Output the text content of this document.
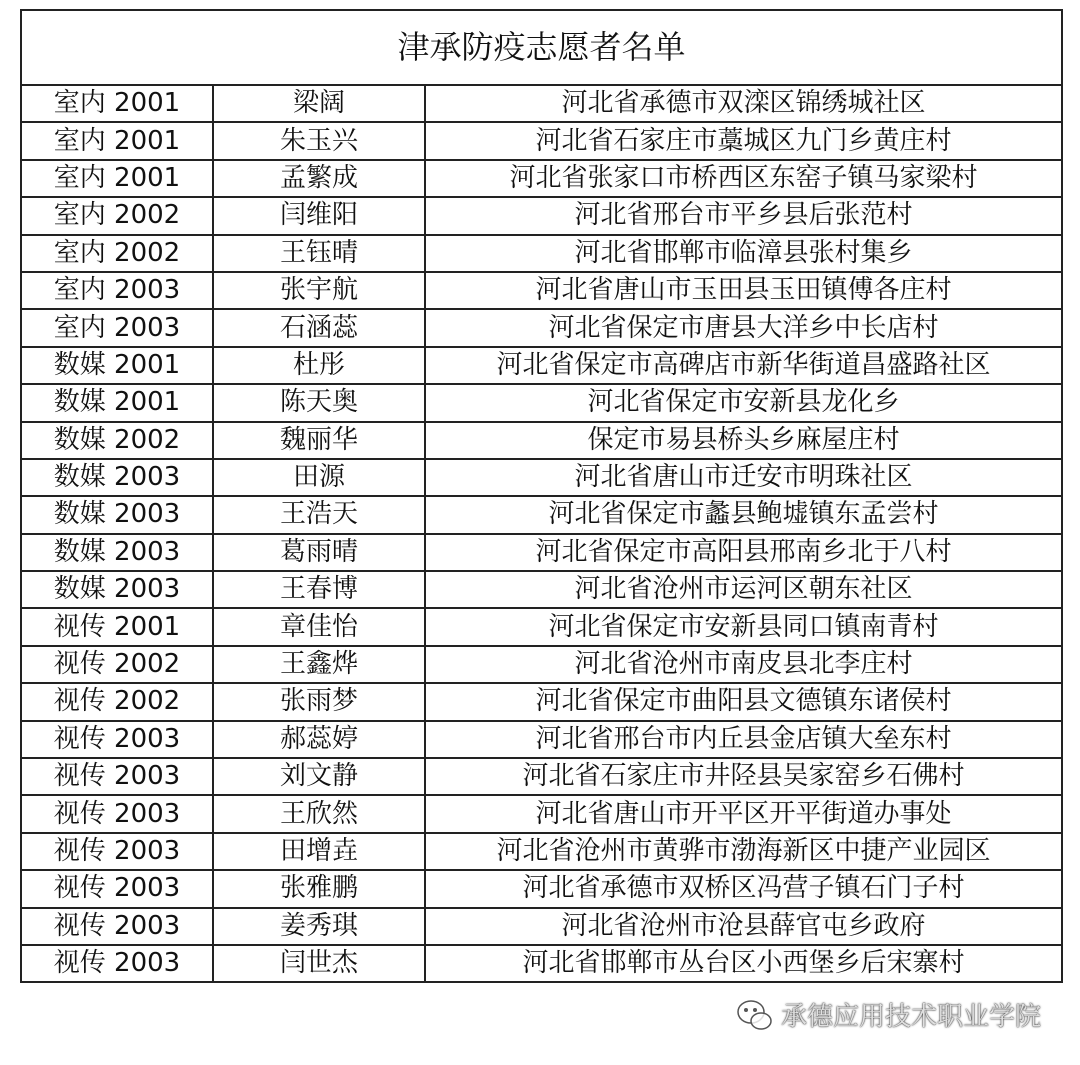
津承防疫志愿者名单		
室内 2001	梁阔	河北省承德市双滦区锦绣城社区
室内 2001	朱玉兴	河北省石家庄市藁城区九门乡黄庄村
室内 2001	孟繁成	河北省张家口市桥西区东窑子镇马家梁村
室内 2002	闫维阳	河北省邢台市平乡县后张范村
室内 2002	王钰晴	河北省邯郸市临漳县张村集乡
室内 2003	张宇航	河北省唐山市玉田县玉田镇傅各庄村
室内 2003	石涵蕊	河北省保定市唐县大洋乡中长店村
数媒 2001	杜彤	河北省保定市高碑店市新华街道昌盛路社区
数媒 2001	陈天奥	河北省保定市安新县龙化乡
数媒 2002	魏丽华	保定市易县桥头乡麻屋庄村
数媒 2003	田源	河北省唐山市迁安市明珠社区
数媒 2003	王浩天	河北省保定市蠡县鲍墟镇东孟尝村
数媒 2003	葛雨晴	河北省保定市高阳县邢南乡北于八村
数媒 2003	王春博	河北省沧州市运河区朝东社区
视传 2001	章佳怡	河北省保定市安新县同口镇南青村
视传 2002	王鑫烨	河北省沧州市南皮县北李庄村
视传 2002	张雨梦	河北省保定市曲阳县文德镇东诸侯村
视传 2003	郝蕊婷	河北省邢台市内丘县金店镇大垒东村
视传 2003	刘文静	河北省石家庄市井陉县吴家窑乡石佛村
视传 2003	王欣然	河北省唐山市开平区开平街道办事处
视传 2003	田增垚	河北省沧州市黄骅市渤海新区中捷产业园区
视传 2003	张雅鹏	河北省承德市双桥区冯营子镇石门子村
视传 2003	姜秀琪	河北省沧州市沧县薛官屯乡政府
视传 2003	闫世杰	河北省邯郸市丛台区小西堡乡后宋寨村
承德应用技术职业学院
